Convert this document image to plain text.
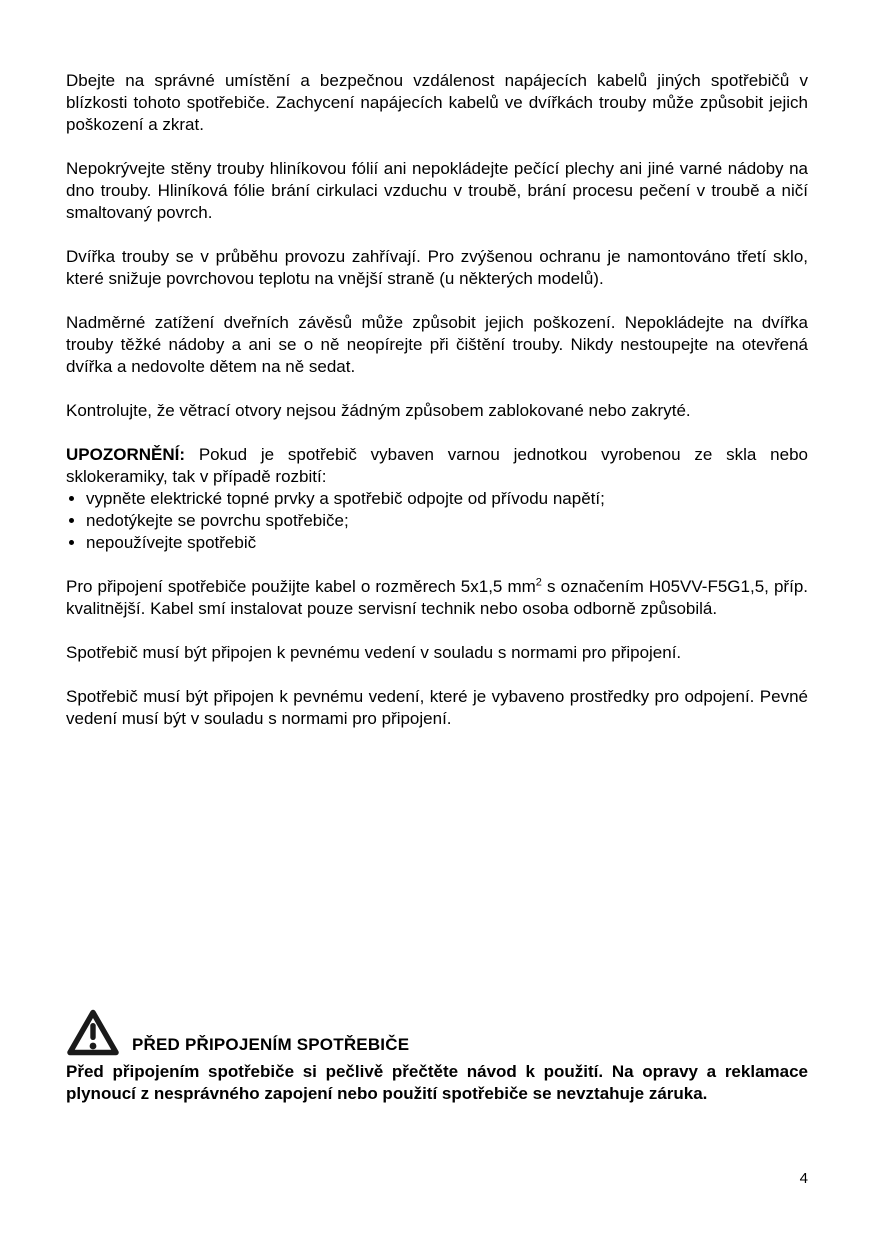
Dbejte na správné umístění a bezpečnou vzdálenost napájecích kabelů jiných spotřebičů v blízkosti tohoto spotřebiče. Zachycení napájecích kabelů ve dvířkách trouby může způsobit jejich poškození a zkrat.

Nepokrývejte stěny trouby hliníkovou fólií ani nepokládejte pečící plechy ani jiné varné nádoby na dno trouby. Hliníková fólie brání cirkulaci vzduchu v troubě, brání procesu pečení v troubě a ničí smaltovaný povrch.

Dvířka trouby se v průběhu provozu zahřívají. Pro zvýšenou ochranu je namontováno třetí sklo, které snižuje povrchovou teplotu na vnější straně (u některých modelů).

Nadměrné zatížení dveřních závěsů může způsobit jejich poškození. Nepokládejte na dvířka trouby těžké nádoby a ani se o ně neopírejte při čištění trouby. Nikdy nestoupejte na otevřená dvířka a nedovolte dětem na ně sedat.

Kontrolujte, že větrací otvory nejsou žádným způsobem zablokované nebo zakryté.

UPOZORNĚNÍ: Pokud je spotřebič vybaven varnou jednotkou vyrobenou ze skla nebo sklokeramiky, tak v případě rozbití:

• vypněte elektrické topné prvky a spotřebič odpojte od přívodu napětí;
• nedotýkejte se povrchu spotřebiče;
• nepoužívejte spotřebič

Pro připojení spotřebiče použijte kabel o rozměrech 5x1,5 $mm^2$ s označením H05VV-F5G1,5, příp. kvalitnější. Kabel smí instalovat pouze servisní technik nebo osoba odborně způsobilá.

Spotřebič musí být připojen k pevnému vedení v souladu s normami pro připojení.

Spotřebič musí být připojen k pevnému vedení, které je vybaveno prostředky pro odpojení. Pevné vedení musí být v souladu s normami pro připojení.

PŘED PŘIPOJENÍM SPOTŘEBIČE

Před připojením spotřebiče si pečlivě přečtěte návod k použití. Na opravy a reklamace plynoucí z nesprávného zapojení nebo použití spotřebiče se nevztahuje záruka.

4
